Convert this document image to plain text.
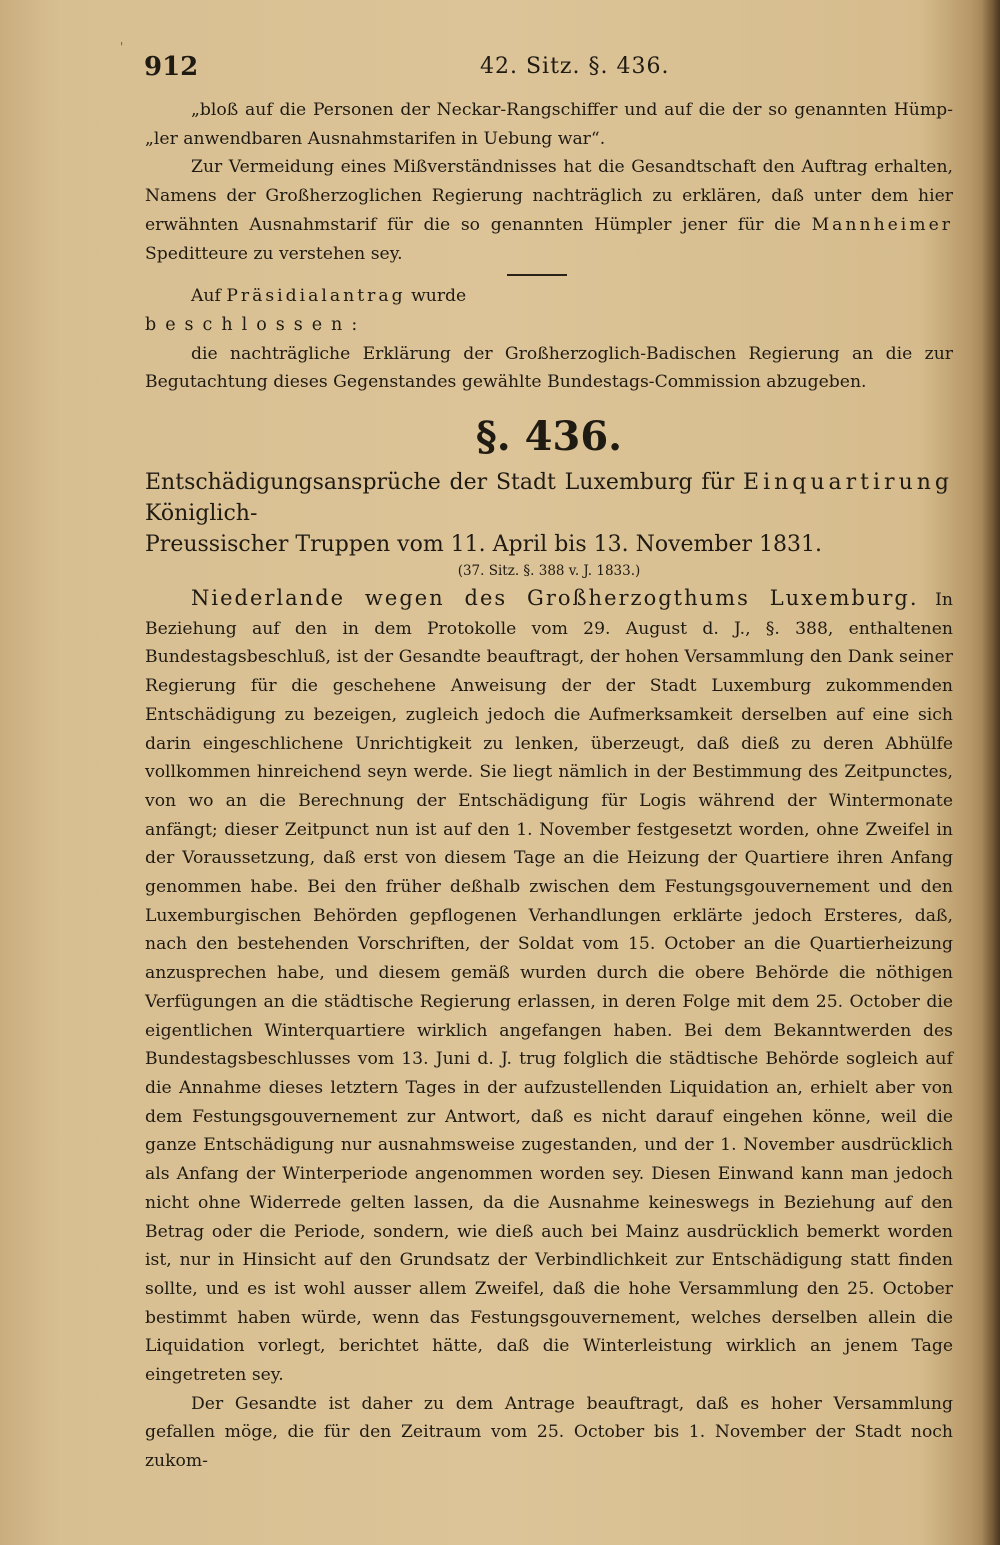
'
912	42. Sitz. §. 436.

„bloß auf die Personen der Neckar-Rangschiffer und auf die der so genannten Hümp- „ler anwendbaren Ausnahmstarifen in Uebung war“.

Zur Vermeidung eines Mißverständnisses hat die Gesandtschaft den Auftrag erhalten, Namens der Großherzoglichen Regierung nachträglich zu erklären, daß unter dem hier erwähnten Ausnahmstarif für die so genannten Hümpler jener für die Mannheimer Speditteure zu verstehen sey.

Auf Präsidialantrag wurde

beschlossen:

die nachträgliche Erklärung der Großherzoglich-Badischen Regierung an die zur Begutachtung dieses Gegenstandes gewählte Bundestags-Commission abzugeben.

§. 436.

Entschädigungsansprüche der Stadt Luxemburg für Einquartirung Königlich-
Preussischer Truppen vom 11. April bis 13. November 1831.

(37. Sitz. §. 388 v. J. 1833.)

Niederlande wegen des Großherzogthums Luxemburg. In Beziehung auf den in dem Protokolle vom 29. August d. J., §. 388, enthaltenen Bundestagsbeschluß, ist der Gesandte beauftragt, der hohen Versammlung den Dank seiner Regierung für die geschehene Anweisung der der Stadt Luxemburg zukommenden Entschädigung zu bezeigen, zugleich jedoch die Aufmerksamkeit derselben auf eine sich darin eingeschlichene Unrichtigkeit zu lenken, überzeugt, daß dieß zu deren Abhülfe vollkommen hinreichend seyn werde. Sie liegt nämlich in der Bestimmung des Zeitpunctes, von wo an die Berechnung der Entschädigung für Logis während der Wintermonate anfängt; dieser Zeitpunct nun ist auf den 1. November festgesetzt worden, ohne Zweifel in der Voraussetzung, daß erst von diesem Tage an die Heizung der Quartiere ihren Anfang genommen habe. Bei den früher deßhalb zwischen dem Festungsgouvernement und den Luxemburgischen Behörden gepflogenen Verhandlungen erklärte jedoch Ersteres, daß, nach den bestehenden Vorschriften, der Soldat vom 15. October an die Quartierheizung anzusprechen habe, und diesem gemäß wurden durch die obere Behörde die nöthigen Verfügungen an die städtische Regierung erlassen, in deren Folge mit dem 25. October die eigentlichen Winterquartiere wirklich angefangen haben. Bei dem Bekanntwerden des Bundestagsbeschlusses vom 13. Juni d. J. trug folglich die städtische Behörde sogleich auf die Annahme dieses letztern Tages in der aufzustellenden Liquidation an, erhielt aber von dem Festungsgouvernement zur Antwort, daß es nicht darauf eingehen könne, weil die ganze Entschädigung nur ausnahmsweise zugestanden, und der 1. November ausdrücklich als Anfang der Winterperiode angenommen worden sey. Diesen Einwand kann man jedoch nicht ohne Widerrede gelten lassen, da die Ausnahme keineswegs in Beziehung auf den Betrag oder die Periode, sondern, wie dieß auch bei Mainz ausdrücklich bemerkt worden ist, nur in Hinsicht auf den Grundsatz der Verbindlichkeit zur Entschädigung statt finden sollte, und es ist wohl ausser allem Zweifel, daß die hohe Versammlung den 25. October bestimmt haben würde, wenn das Festungsgouvernement, welches derselben allein die Liquidation vorlegt, berichtet hätte, daß die Winterleistung wirklich an jenem Tage eingetreten sey.

Der Gesandte ist daher zu dem Antrage beauftragt, daß es hoher Versammlung gefallen möge, die für den Zeitraum vom 25. October bis 1. November der Stadt noch zukom-
